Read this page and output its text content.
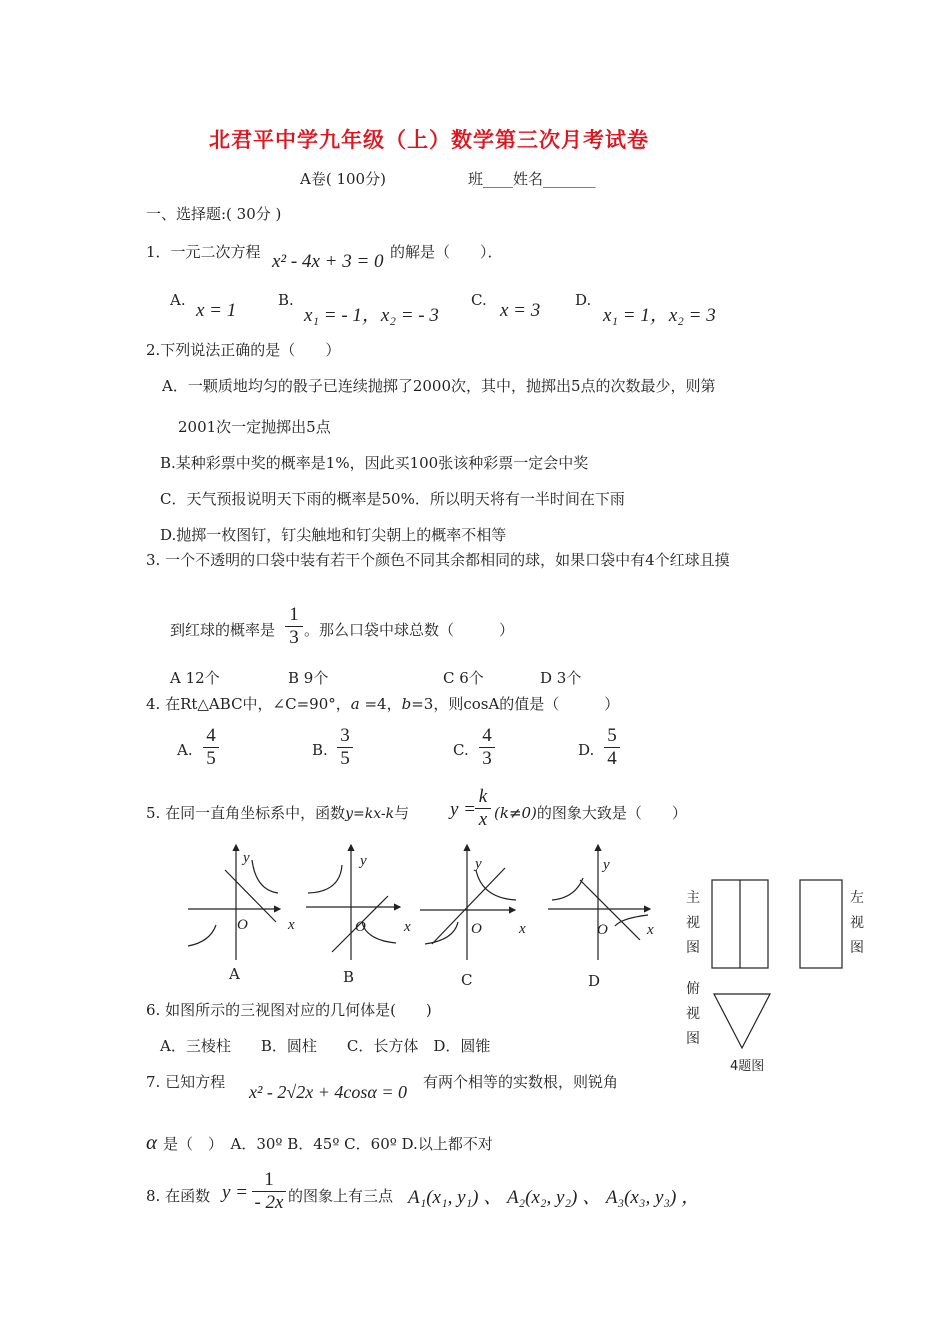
北君平中学九年级（上）数学第三次月考试卷
A卷( 100分)	班____姓名_______
一、选择题:( 30分 )
1．一元二次方程 x² - 4x + 3 = 0 的解是（　　）．
A. x = 1	B.
x₁ = - 1，x₂ = - 3
C. x = 3 D.
x₁ = 1，x₂ = 3
2.下列说法正确的是（　　）
A．一颗质地均匀的骰子已连续抛掷了2000次，其中，抛掷出5点的次数最少，则第
2001次一定抛掷出5点
B.某种彩票中奖的概率是1%，因此买100张该种彩票一定会中奖
C．天气预报说明天下雨的概率是50%．所以明天将有一半时间在下雨
D.抛掷一枚图钉，钉尖触地和钉尖朝上的概率不相等
3. 一个不透明的口袋中装有若干个颜色不同其余都相同的球，如果口袋中有4个红球且摸
到红球的概率是
1
3 。那么口袋中球总数（　　　）
A 12个	B 9个	C 6个	D 3个
4. 在Rt△ABC中，∠C=90°，a =4，b=3，则cosA的值是（　　　）
A.
4
5	B.
3
5	C.
4
3	D.
5
4
5. 在同一直角坐标系中，函数y=kx-k与 y =
k
x (k≠0)的图象大致是（　　）
y
O	x
A
y
O	x
B
y
O x
C
y
O	x
D
主视图
左视图
俯视图
4题图
6. 如图所示的三视图对应的几何体是(　　)
A．三棱柱　　B．圆柱　　C．长方体　D．圆锥
7. 已知方程 x² - 2√2x + 4cosα = 0 有两个相等的实数根，则锐角
α 是（　）　A．30º B．45º C．60º D.以上都不对
8. 在函数 y =
1
- 2x 的图象上有三点 A₁(x₁, y₁) 、 A₂(x₂, y₂) 、 A₃(x₃, y₃) ，
